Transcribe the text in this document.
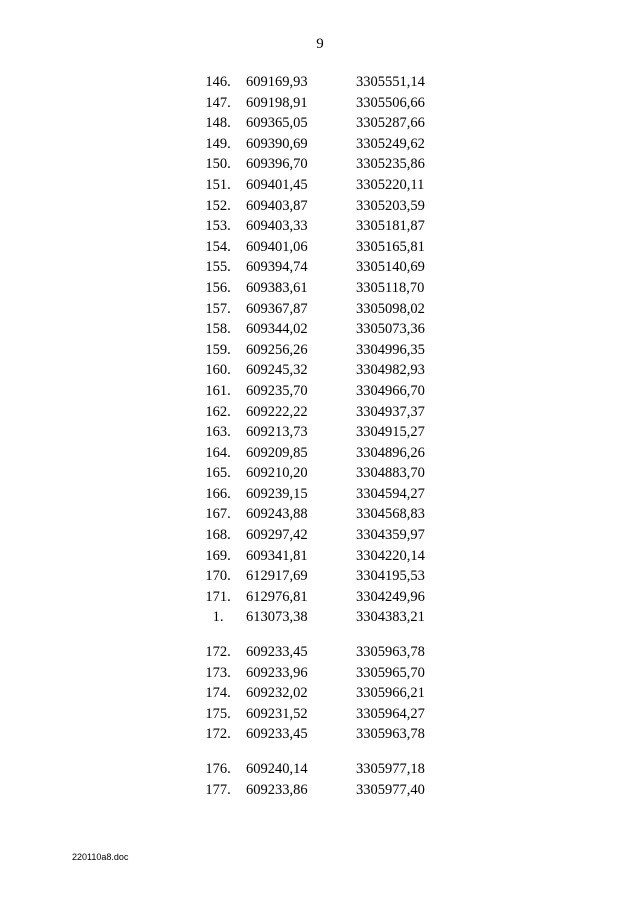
9
146.	609169,93	3305551,14
147.	609198,91	3305506,66
148.	609365,05	3305287,66
149.	609390,69	3305249,62
150.	609396,70	3305235,86
151.	609401,45	3305220,11
152.	609403,87	3305203,59
153.	609403,33	3305181,87
154.	609401,06	3305165,81
155.	609394,74	3305140,69
156.	609383,61	3305118,70
157.	609367,87	3305098,02
158.	609344,02	3305073,36
159.	609256,26	3304996,35
160.	609245,32	3304982,93
161.	609235,70	3304966,70
162.	609222,22	3304937,37
163.	609213,73	3304915,27
164.	609209,85	3304896,26
165.	609210,20	3304883,70
166.	609239,15	3304594,27
167.	609243,88	3304568,83
168.	609297,42	3304359,97
169.	609341,81	3304220,14
170.	612917,69	3304195,53
171.	612976,81	3304249,96
1.	613073,38	3304383,21

172.	609233,45	3305963,78
173.	609233,96	3305965,70
174.	609232,02	3305966,21
175.	609231,52	3305964,27
172.	609233,45	3305963,78

176.	609240,14	3305977,18
177.	609233,86	3305977,40
220110a8.doc
